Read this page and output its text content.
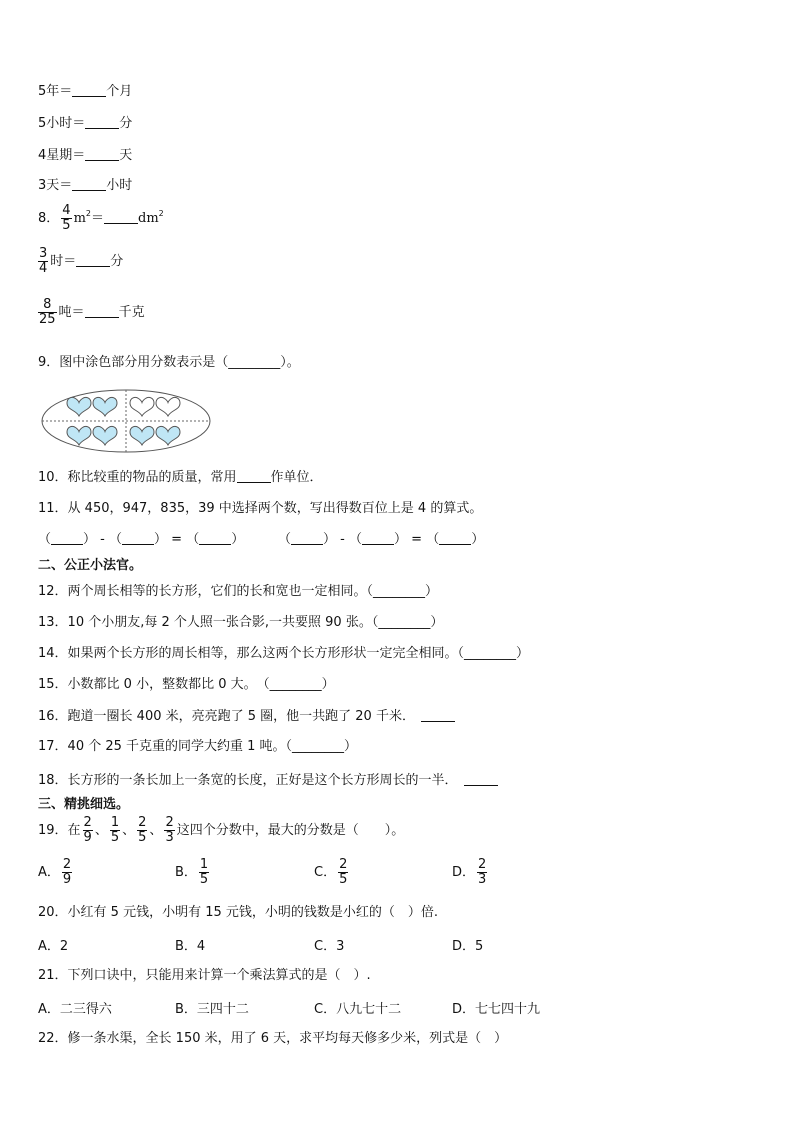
5年＝	个月
5小时＝	分
4星期＝	天
3天＝	小时
8． $\frac{4}{5} m^2=$	$dm^2$
$\frac{3}{4}$ 时＝	分
$\frac{8}{25}$ 吨＝	千克
9．图中涂色部分用分数表示是（________）。
10．称比较重的物品的质量，常用	作单位．
11．从 450，947，835，39 中选择两个数，写出得数百位上是 4 的算式。
（ ） - （ ） = （ ）	（ ） - （ ） = （ ）
二、公正小法官。
12．两个周长相等的长方形，它们的长和宽也一定相同。（________）
13．10 个小朋友,每 2 个人照一张合影,一共要照 90 张。（________）
14．如果两个长方形的周长相等，那么这两个长方形形状一定完全相同。（________）
15．小数都比 0 小，整数都比 0 大。　（________）
16．跑道一圈长 400 米，亮亮跑了 5 圈，他一共跑了 20 千米．
17．40 个 25 千克重的同学大约重 1 吨。（________）
18．长方形的一条长加上一条宽的长度，正好是这个长方形周长的一半．
三、精挑细选。
19．在 $\frac{2}{9}$ 、 $\frac{1}{5}$ 、 $\frac{2}{5}$ 、 $\frac{2}{3}$ 这四个分数中，最大的分数是（　　）。
A． $\frac{2}{9}$	B． $\frac{1}{5}$	C． $\frac{2}{5}$	D． $\frac{2}{3}$
20．小红有 5 元钱，小明有 15 元钱，小明的钱数是小红的（　）倍.
A．2	B．4	C．3	D．5
21．下列口诀中，只能用来计算一个乘法算式的是（　）.
A．二三得六	B．三四十二	C．八九七十二	D．七七四十九
22．修一条水渠，全长 150 米，用了 6 天，求平均每天修多少米，列式是（　）
